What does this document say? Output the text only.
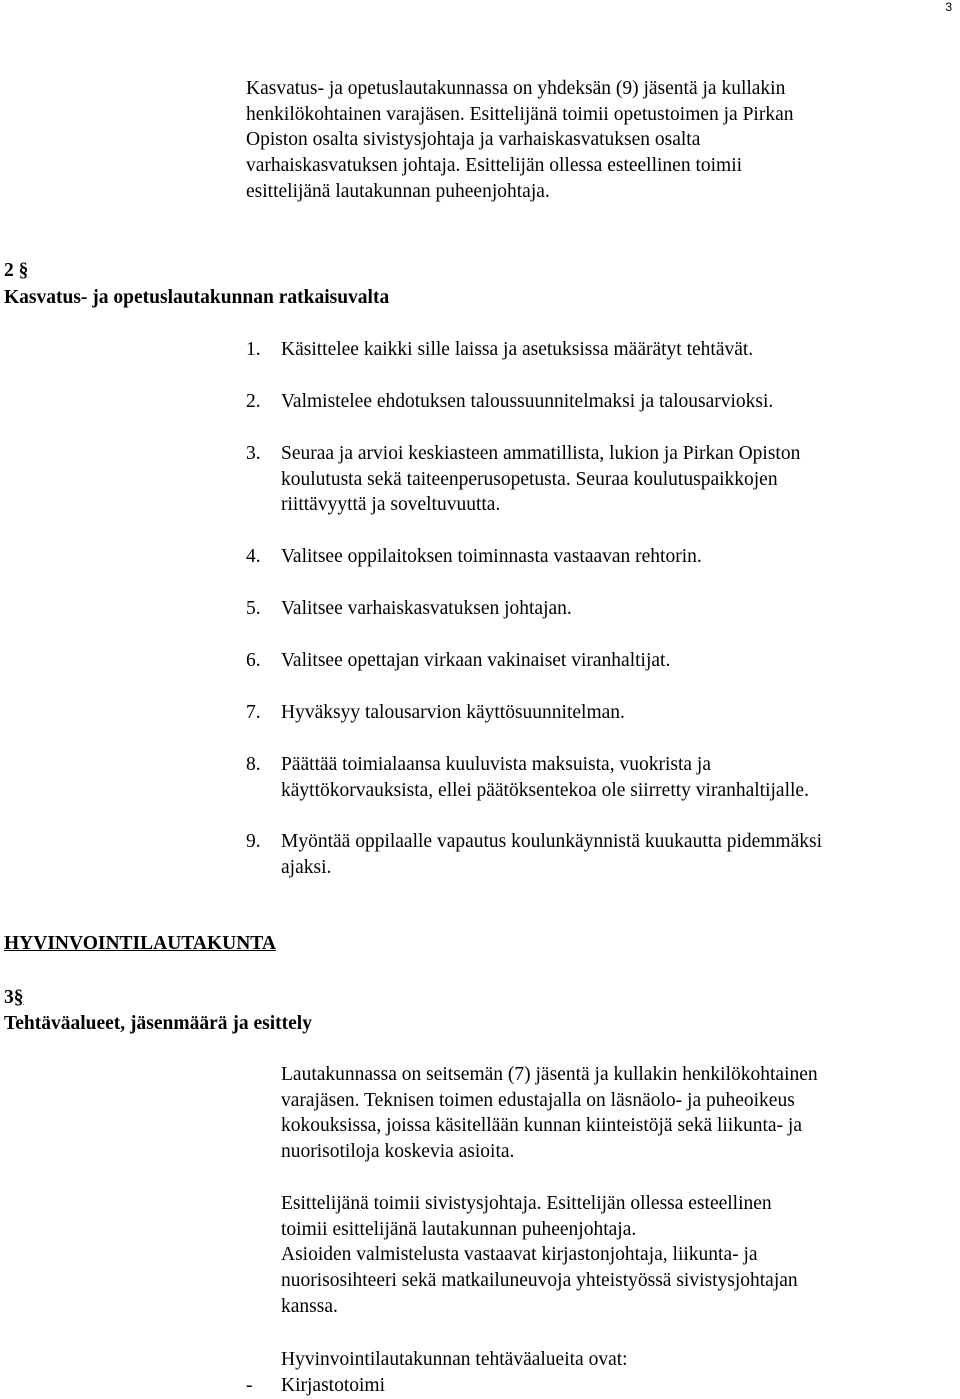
3
Kasvatus- ja opetuslautakunnassa on yhdeksän (9) jäsentä ja kullakin
henkilökohtainen varajäsen. Esittelijänä toimii opetustoimen ja Pirkan
Opiston osalta sivistysjohtaja ja varhaiskasvatuksen osalta
varhaiskasvatuksen johtaja. Esittelijän ollessa esteellinen toimii
esittelijänä lautakunnan puheenjohtaja.
2 §
Kasvatus- ja opetuslautakunnan ratkaisuvalta
1. Käsittelee kaikki sille laissa ja asetuksissa määrätyt tehtävät.
2. Valmistelee ehdotuksen taloussuunnitelmaksi ja talousarvioksi.
3. Seuraa ja arvioi keskiasteen ammatillista, lukion ja Pirkan Opiston
koulutusta sekä taiteenperusopetusta. Seuraa koulutuspaikkojen
riittävyyttä ja soveltuvuutta.
4. Valitsee oppilaitoksen toiminnasta vastaavan rehtorin.
5. Valitsee varhaiskasvatuksen johtajan.
6. Valitsee opettajan virkaan vakinaiset viranhaltijat.
7. Hyväksyy talousarvion käyttösuunnitelman.
8. Päättää toimialaansa kuuluvista maksuista, vuokrista ja
käyttökorvauksista, ellei päätöksentekoa ole siirretty viranhaltijalle.
9. Myöntää oppilaalle vapautus koulunkäynnistä kuukautta pidemmäksi
ajaksi.
HYVINVOINTILAUTAKUNTA
3§
Tehtäväalueet, jäsenmäärä ja esittely
Lautakunnassa on seitsemän (7) jäsentä ja kullakin henkilökohtainen
varajäsen. Teknisen toimen edustajalla on läsnäolo- ja puheoikeus
kokouksissa, joissa käsitellään kunnan kiinteistöjä sekä liikunta- ja
nuorisotiloja koskevia asioita.
Esittelijänä toimii sivistysjohtaja. Esittelijän ollessa esteellinen
toimii esittelijänä lautakunnan puheenjohtaja.
Asioiden valmistelusta vastaavat kirjastonjohtaja, liikunta- ja
nuorisosihteeri sekä matkailuneuvoja yhteistyössä sivistysjohtajan
kanssa.
Hyvinvointilautakunnan tehtäväalueita ovat:
- Kirjastotoimi
